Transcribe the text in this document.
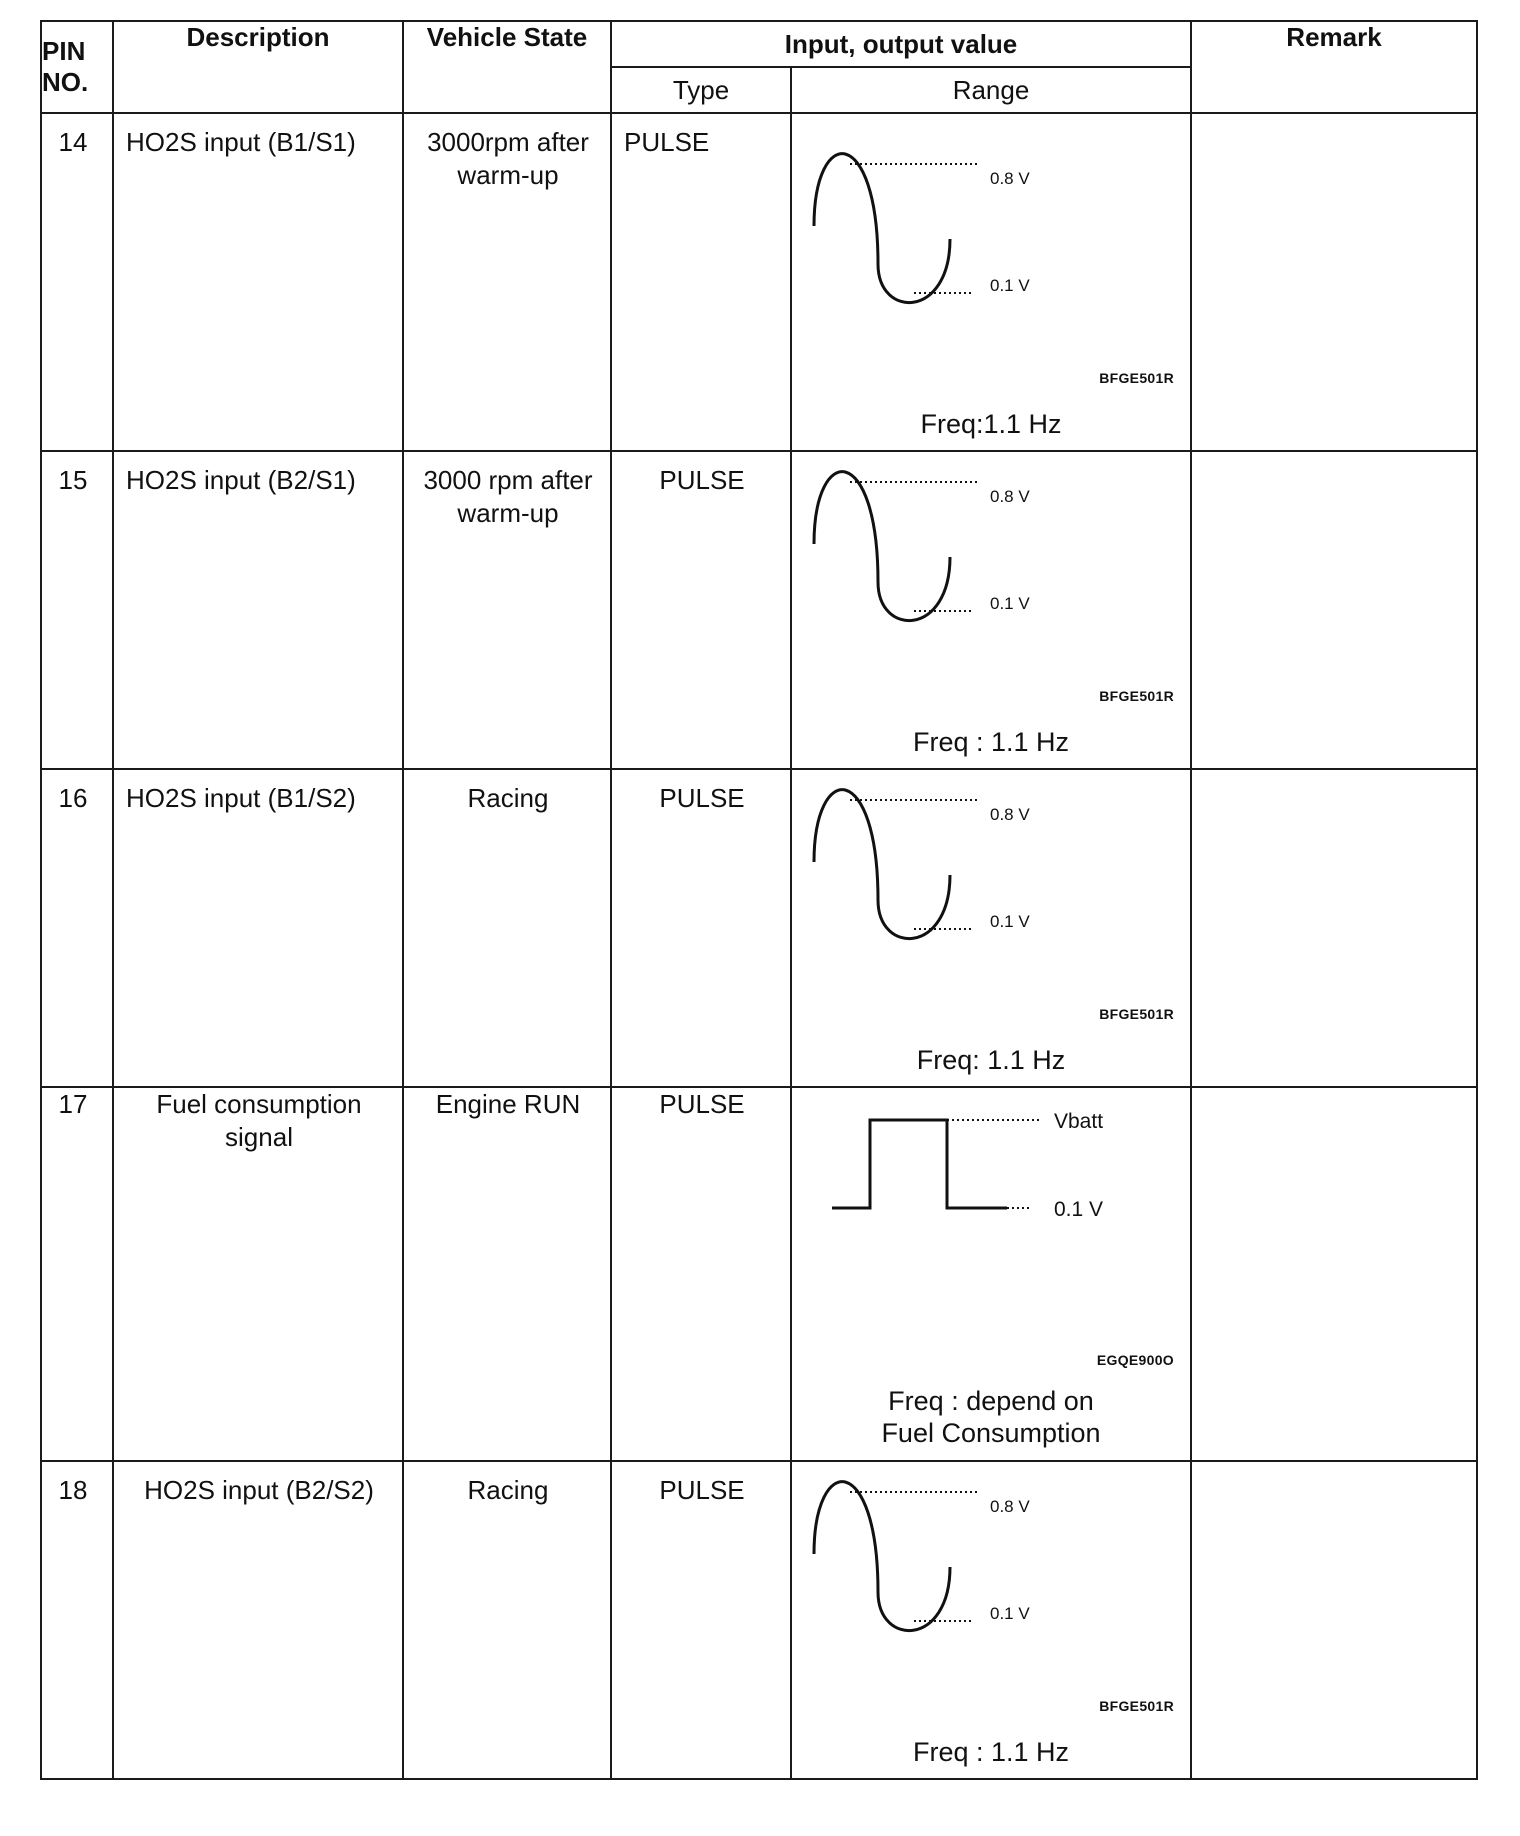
PIN NO.	Description	Vehicle State	Input, output value		Remark
			Type	Range	

14	HO2S input (B1/S1)	3000rpm after warm-up	PULSE	0.8 V
0.1 V
BFGE501R
Freq:1.1 Hz	

15	HO2S input (B2/S1)	3000 rpm after warm-up	PULSE	0.8 V
0.1 V
BFGE501R
Freq : 1.1 Hz	

16	HO2S input (B1/S2)	Racing	PULSE	0.8 V
0.1 V
BFGE501R
Freq: 1.1 Hz	

17	Fuel consumption signal	Engine RUN	PULSE	Vbatt
0.1 V
EGQE900O
Freq : depend on
Fuel Consumption	

18	HO2S input (B2/S2)	Racing	PULSE	0.8 V
0.1 V
BFGE501R
Freq : 1.1 Hz	
